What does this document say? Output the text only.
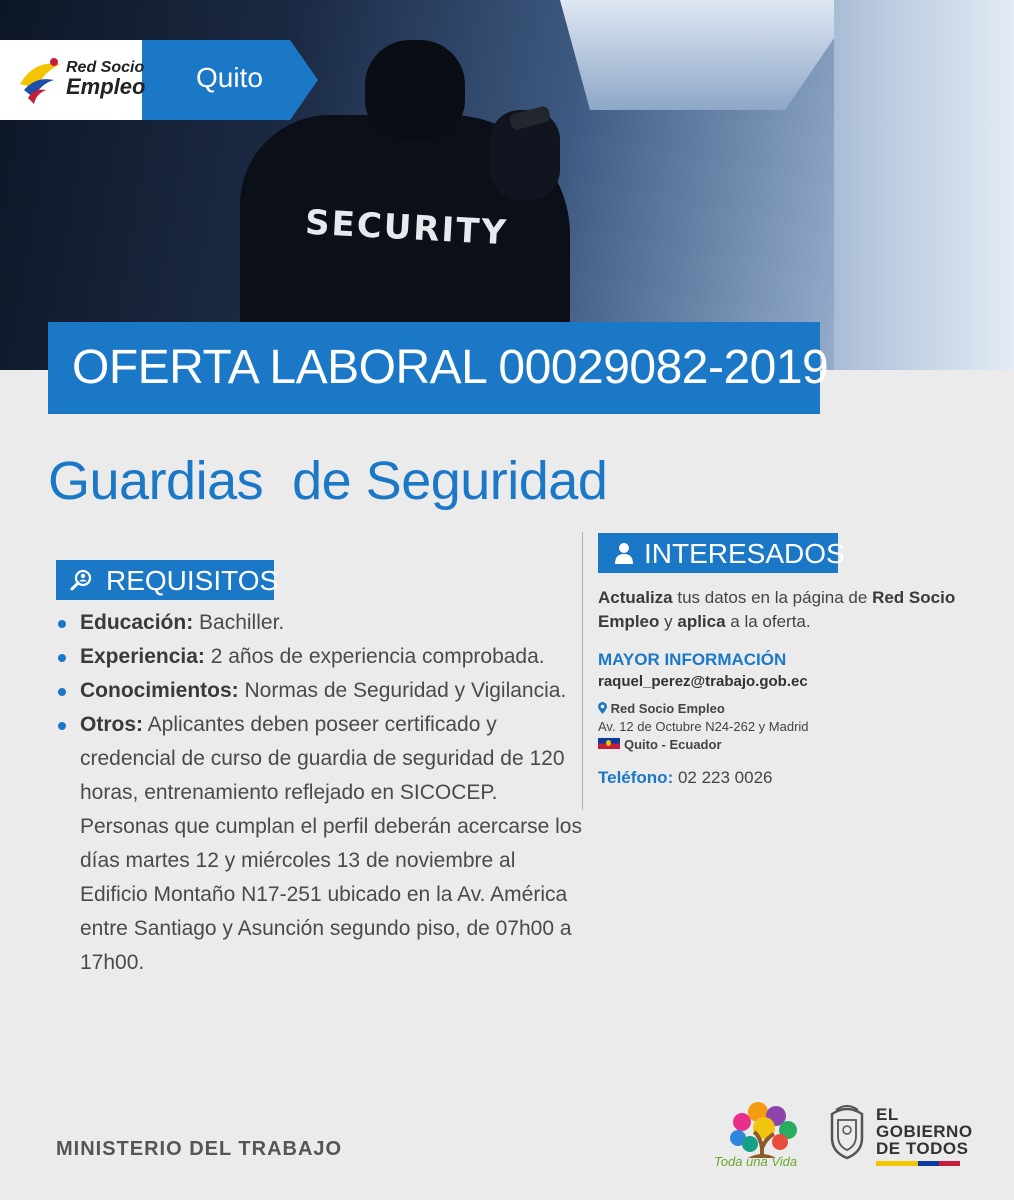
SECURITY
Red Socio
Empleo Quito
OFERTA LABORAL 00029082-2019
Guardias  de Seguridad
REQUISITOS
Educación: Bachiller.
Experiencia: 2 años de experiencia comprobada.
Conocimientos: Normas de Seguridad y Vigilancia.
Otros: Aplicantes deben poseer certificado y credencial de curso de guardia de seguridad de 120 horas, entrenamiento reflejado en SICOCEP.
Personas que cumplan el perfil deberán acercarse los días martes 12 y miércoles 13 de noviembre al Edificio Montaño N17-251 ubicado en la Av. América entre Santiago y Asunción segundo piso, de 07h00 a 17h00.
INTERESADOS
Actualiza tus datos en la página de Red Socio Empleo y aplica a la oferta.
MAYOR INFORMACIÓN
raquel_perez@trabajo.gob.ec
Red Socio Empleo
Av. 12 de Octubre N24-262 y Madrid
Quito - Ecuador
Teléfono: 02 223 0026
MINISTERIO DEL TRABAJO
Toda una Vida
EL
GOBIERNO
DE TODOS
